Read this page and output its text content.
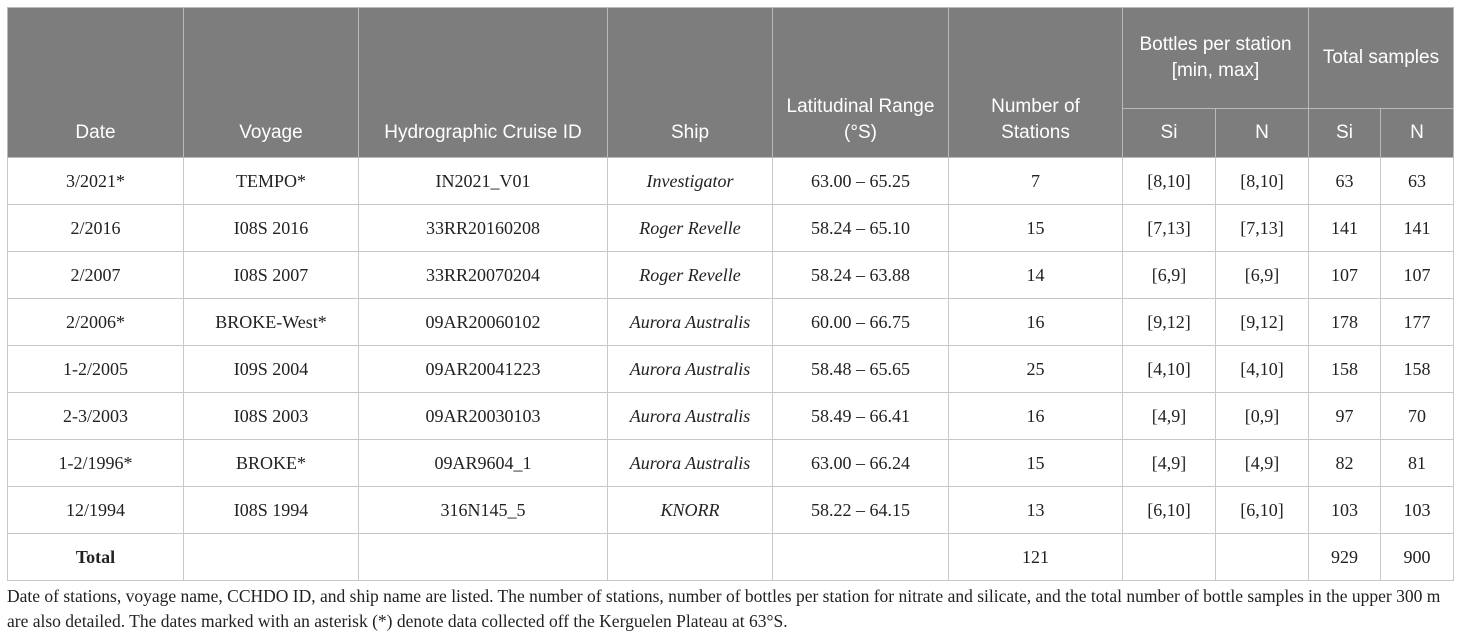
Date	Voyage	Hydrographic Cruise ID	Ship	Latitudinal Range (°S)	Number of Stations	Bottles per station [min, max]		Total samples	
						Si	N	Si	N
3/2021*	TEMPO*	IN2021_V01	Investigator	63.00 – 65.25	7	[8,10]	[8,10]	63	63
2/2016	I08S 2016	33RR20160208	Roger Revelle	58.24 – 65.10	15	[7,13]	[7,13]	141	141
2/2007	I08S 2007	33RR20070204	Roger Revelle	58.24 – 63.88	14	[6,9]	[6,9]	107	107
2/2006*	BROKE-West*	09AR20060102	Aurora Australis	60.00 – 66.75	16	[9,12]	[9,12]	178	177
1-2/2005	I09S 2004	09AR20041223	Aurora Australis	58.48 – 65.65	25	[4,10]	[4,10]	158	158
2-3/2003	I08S 2003	09AR20030103	Aurora Australis	58.49 – 66.41	16	[4,9]	[0,9]	97	70
1-2/1996*	BROKE*	09AR9604_1	Aurora Australis	63.00 – 66.24	15	[4,9]	[4,9]	82	81
12/1994	I08S 1994	316N145_5	KNORR	58.22 – 64.15	13	[6,10]	[6,10]	103	103
Total					121			929	900
Date of stations, voyage name, CCHDO ID, and ship name are listed. The number of stations, number of bottles per station for nitrate and silicate, and the total number of bottle samples in the upper 300 m are also detailed. The dates marked with an asterisk (*) denote data collected off the Kerguelen Plateau at 63°S.
